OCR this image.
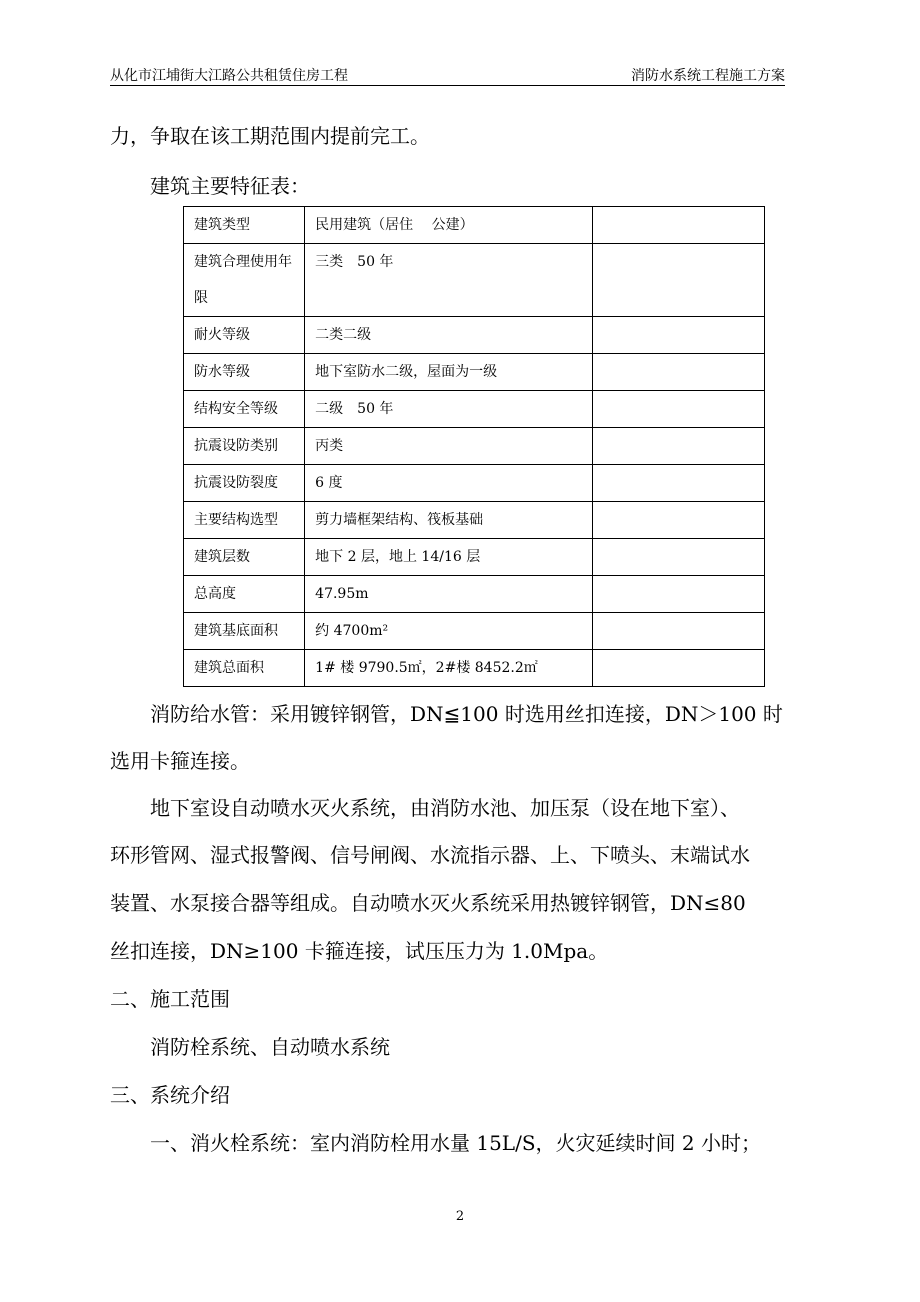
从化市江埔街大江路公共租赁住房工程	消防水系统工程施工方案
力，争取在该工期范围内提前完工。
建筑主要特征表：
建筑类型	民用建筑（居住　 公建）	
建筑合理使用年限	三类　50 年	
耐火等级	二类二级	
防水等级	地下室防水二级，屋面为一级	
结构安全等级	二级　50 年	
抗震设防类别	丙类	
抗震设防裂度	6 度	
主要结构选型	剪力墙框架结构、筏板基础	
建筑层数	地下 2 层，地上 14/16 层	
总高度	47.95m	
建筑基底面积	约 4700m²	
建筑总面积	1# 楼 9790.5㎡，2#楼 8452.2㎡	
消防给水管：采用镀锌钢管，DN≦100 时选用丝扣连接，DN＞100 时
选用卡箍连接。
地下室设自动喷水灭火系统，由消防水池、加压泵（设在地下室）、
环形管网、湿式报警阀、信号闸阀、水流指示器、上、下喷头、末端试水
装置、水泵接合器等组成。自动喷水灭火系统采用热镀锌钢管，DN≤80
丝扣连接，DN≥100 卡箍连接，试压压力为 1.0Mpa。
二、施工范围
消防栓系统、自动喷水系统
三、系统介绍
一、消火栓系统：室内消防栓用水量 15L/S，火灾延续时间 2 小时；
2
